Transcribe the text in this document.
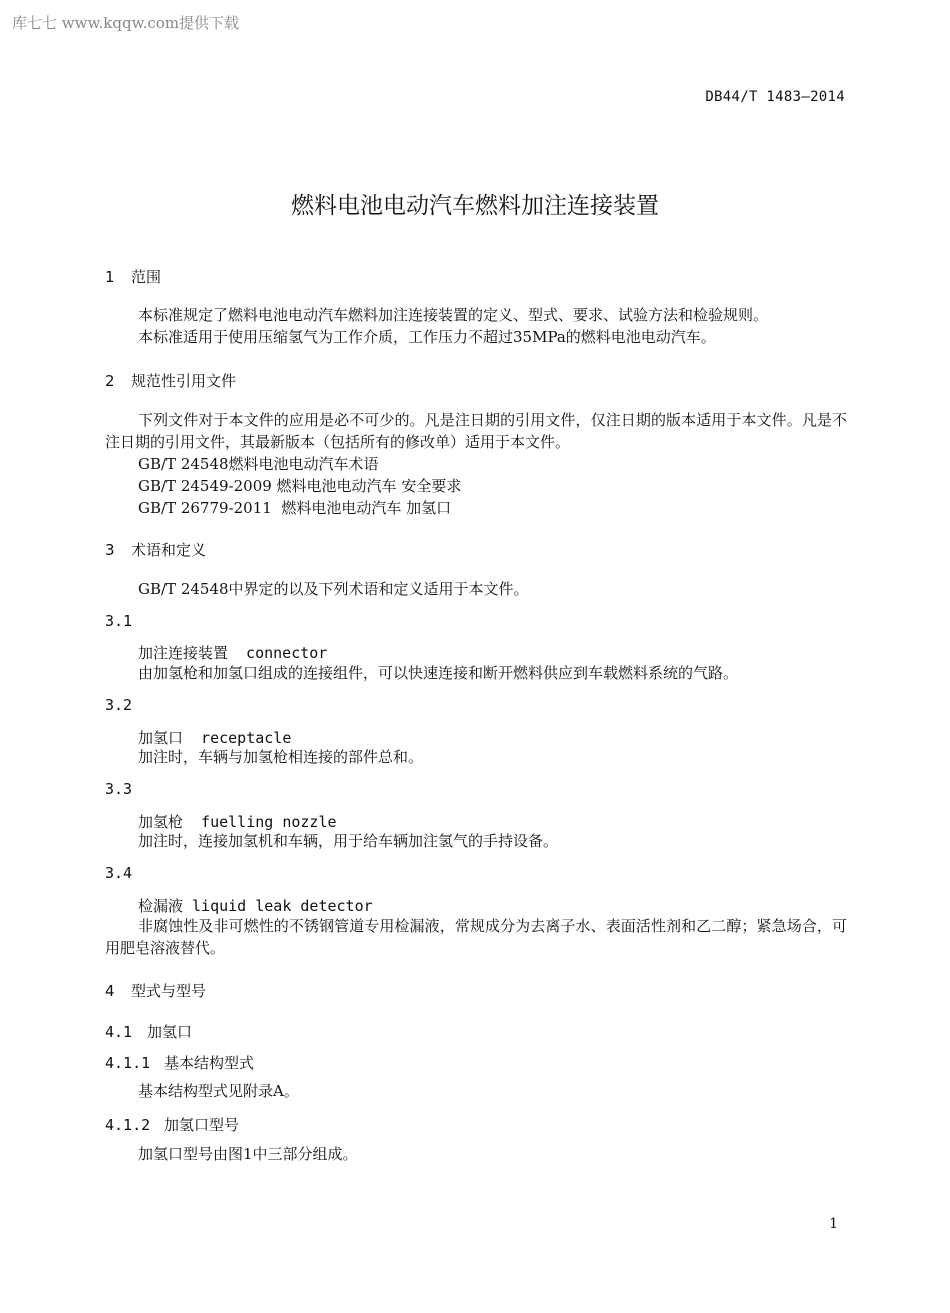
库七七 www.kqqw.com提供下载
DB44/T 1483—2014
燃料电池电动汽车燃料加注连接装置
1 范围
本标准规定了燃料电池电动汽车燃料加注连接装置的定义、型式、要求、试验方法和检验规则。
本标准适用于使用压缩氢气为工作介质，工作压力不超过35MPa的燃料电池电动汽车。
2 规范性引用文件
下列文件对于本文件的应用是必不可少的。凡是注日期的引用文件，仅注日期的版本适用于本文件。凡是不注日期的引用文件，其最新版本（包括所有的修改单）适用于本文件。
GB/T 24548燃料电池电动汽车术语
GB/T 24549-2009 燃料电池电动汽车 安全要求
GB/T 26779-2011  燃料电池电动汽车 加氢口
3 术语和定义
GB/T 24548中界定的以及下列术语和定义适用于本文件。
3.1
加注连接装置  connector
由加氢枪和加氢口组成的连接组件，可以快速连接和断开燃料供应到车载燃料系统的气路。
3.2
加氢口  receptacle
加注时，车辆与加氢枪相连接的部件总和。
3.3
加氢枪  fuelling nozzle
加注时，连接加氢机和车辆，用于给车辆加注氢气的手持设备。
3.4
检漏液 liquid leak detector
非腐蚀性及非可燃性的不锈钢管道专用检漏液，常规成分为去离子水、表面活性剂和乙二醇；紧急场合，可用肥皂溶液替代。
4 型式与型号
4.1 加氢口
4.1.1 基本结构型式
基本结构型式见附录A。
4.1.2 加氢口型号
加氢口型号由图1中三部分组成。
1
